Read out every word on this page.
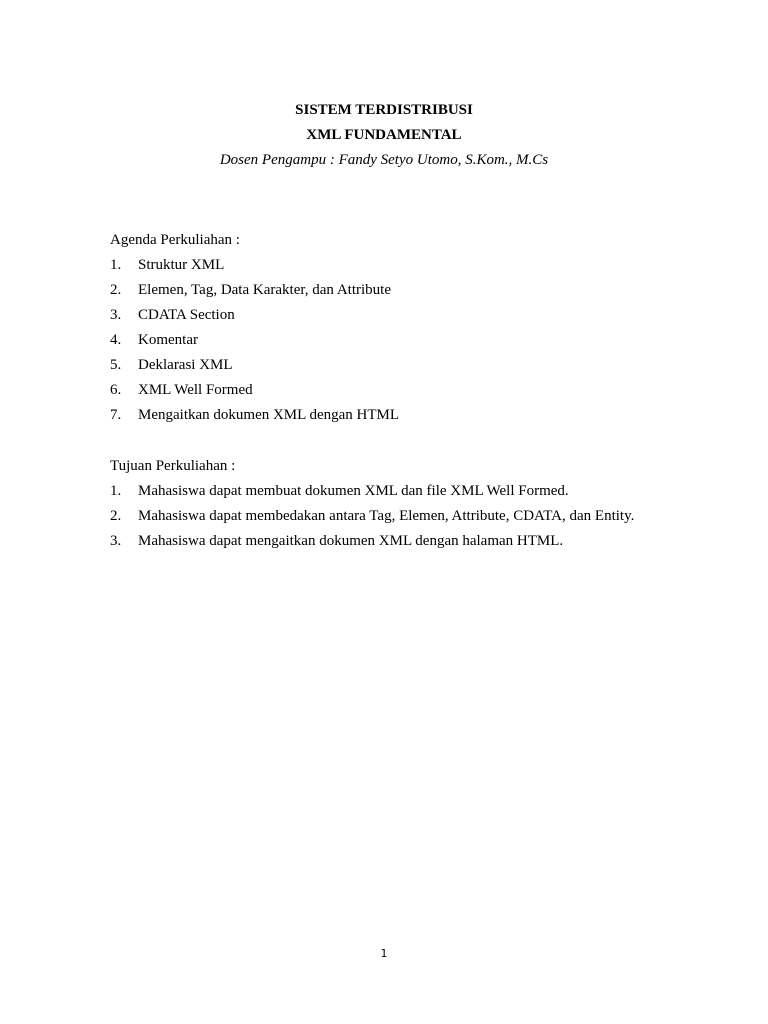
SISTEM TERDISTRIBUSI

XML FUNDAMENTAL

Dosen Pengampu : Fandy Setyo Utomo, S.Kom., M.Cs

Agenda Perkuliahan :

1.	Struktur XML
2.	Elemen, Tag, Data Karakter, dan Attribute
3.	CDATA Section
4.	Komentar
5.	Deklarasi XML
6.	XML Well Formed
7.	Mengaitkan dokumen XML dengan HTML

Tujuan Perkuliahan :

1.	Mahasiswa dapat membuat dokumen XML dan file XML Well Formed.
2.	Mahasiswa dapat membedakan antara Tag, Elemen, Attribute, CDATA, dan Entity.
3.	Mahasiswa dapat mengaitkan dokumen XML dengan halaman HTML.
1
